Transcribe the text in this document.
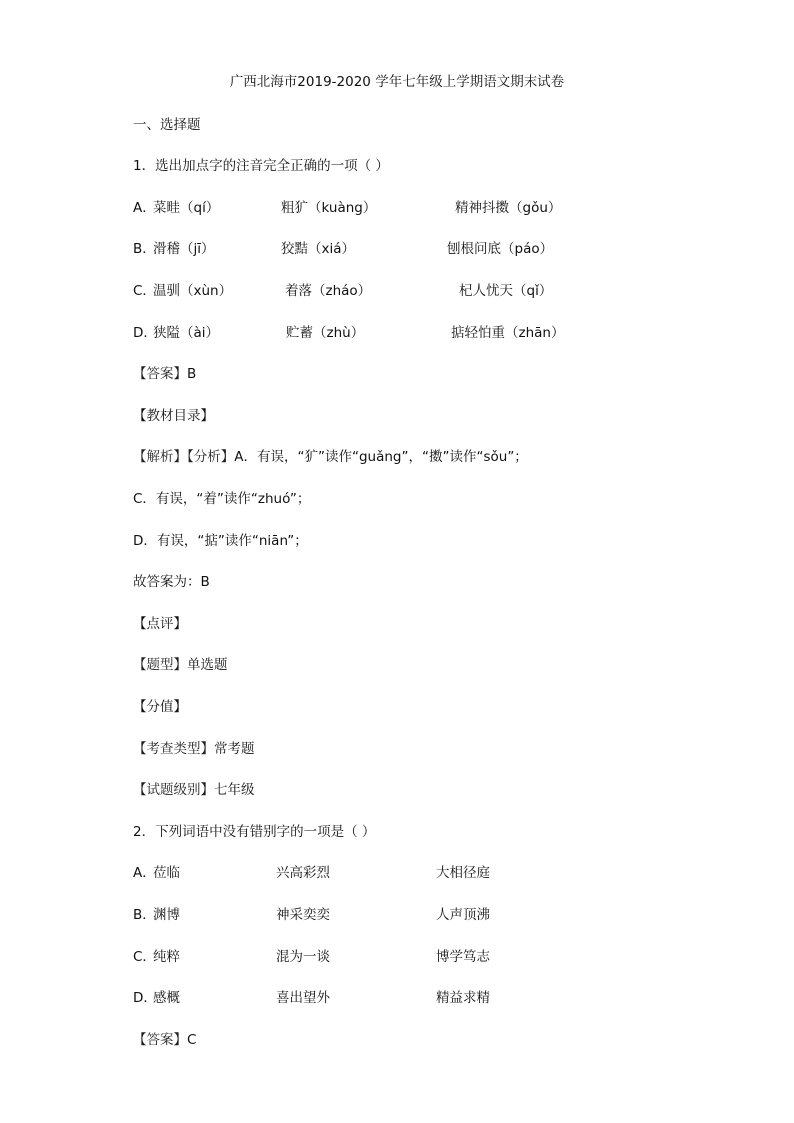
广西北海市2019-2020 学年七年级上学期语文期末试卷
一、选择题
1．选出加点字的注音完全正确的一项（ ）
A．
菜畦（qí）	粗犷（kuàng）	精神抖擞（gǒu）
B．
滑稽（jī）	狡黠（xiá）	刨根问底（páo）
C．
温驯（xùn）	着落（zháo）	杞人忧天（qǐ）
D．
狭隘（ài）	贮蓄（zhù）	掂轻怕重（zhān）
【答案】B
【教材目录】
【解析】【分析】A．有误，“犷”读作“guǎng”，“擞”读作“sǒu”；
C．有误，“着”读作“zhuó”；
D．有误，“掂”读作“niān”；
故答案为：B
【点评】
【题型】单选题
【分值】
【考查类型】常考题
【试题级别】七年级
2．下列词语中没有错别字的一项是（ ）
A．
莅临	兴高彩烈	大相径庭
B．
渊博	神采奕奕	人声顶沸
C．
纯粹	混为一谈	博学笃志
D．
感概	喜出望外	精益求精
【答案】C
